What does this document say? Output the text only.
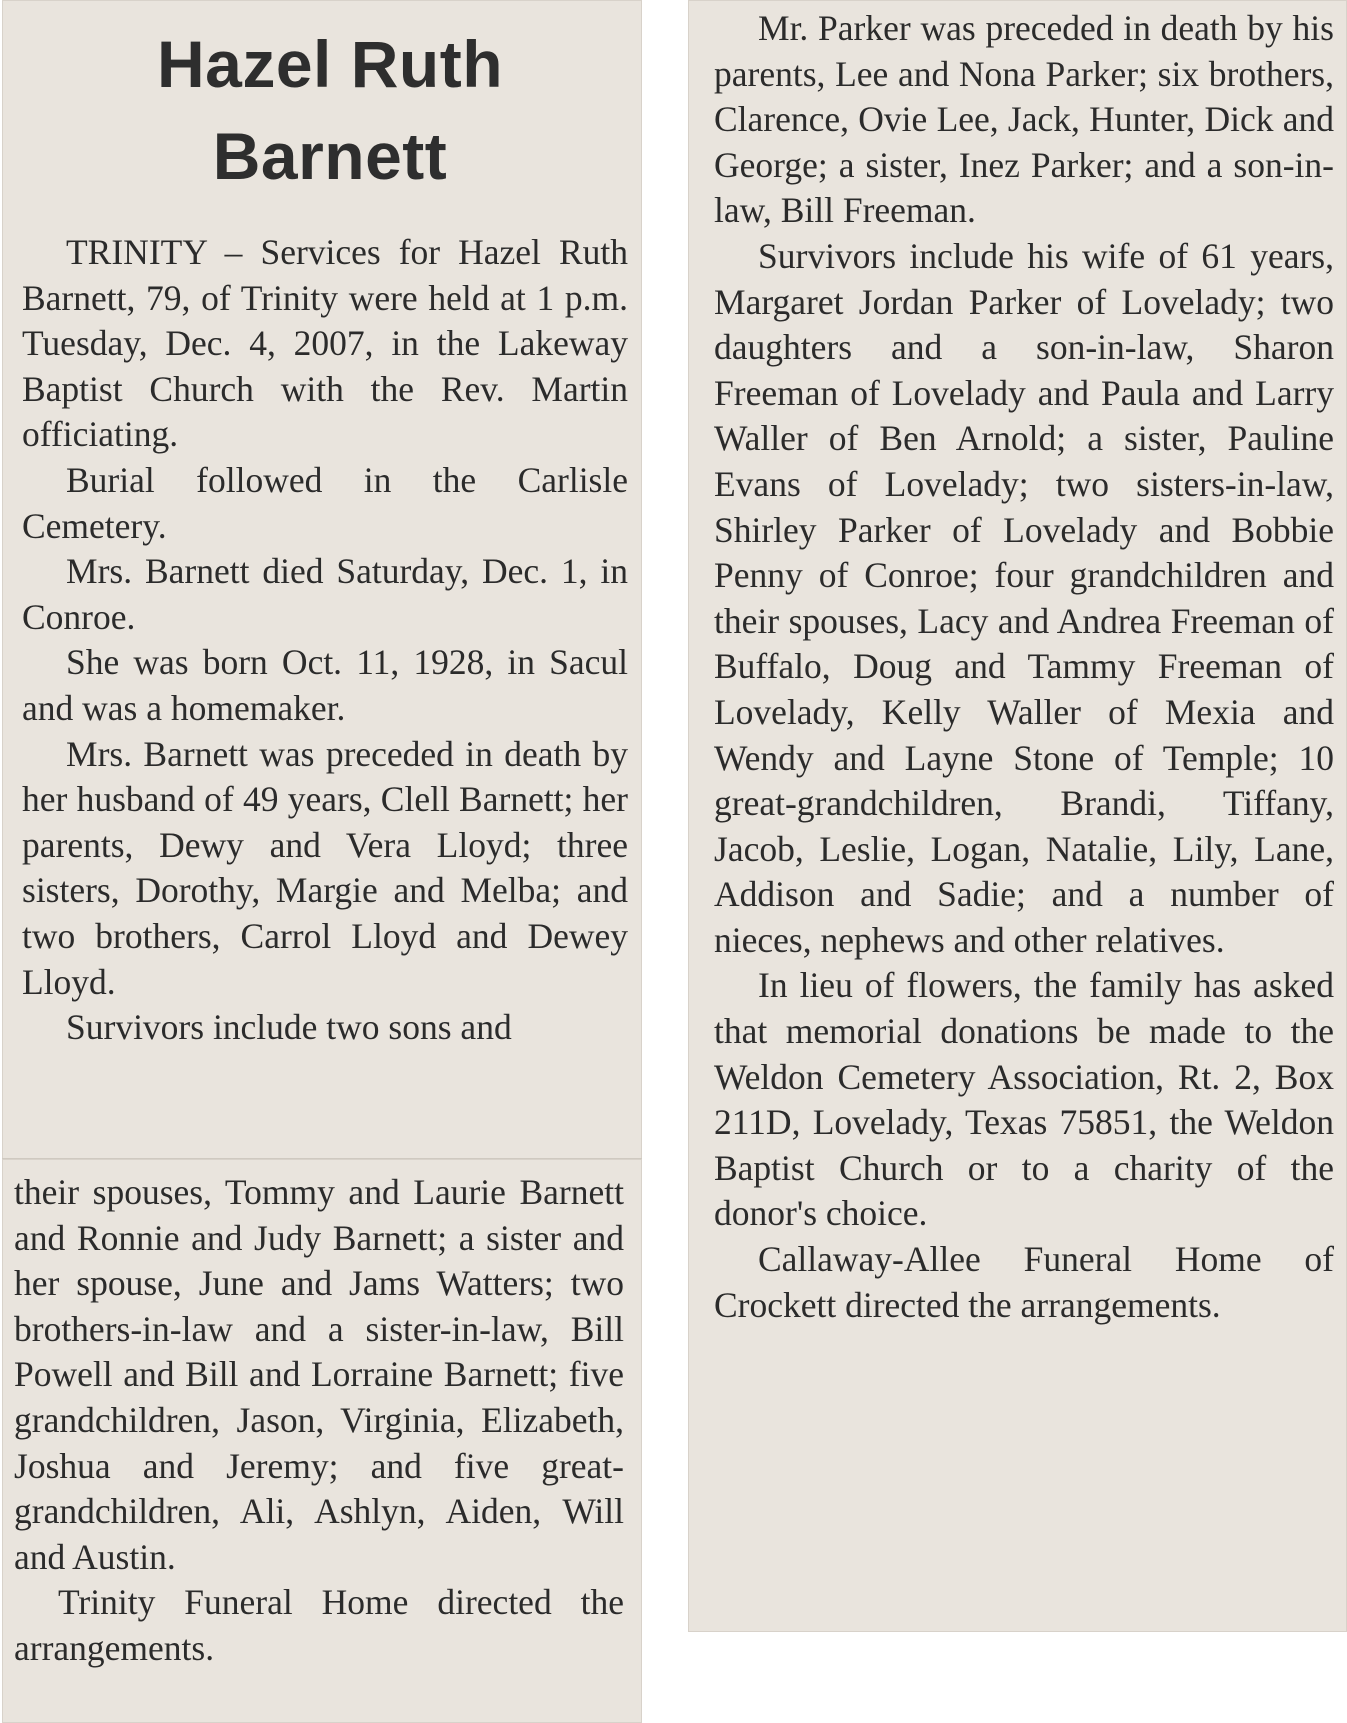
Hazel Ruth Barnett

TRINITY – Services for Hazel Ruth Barnett, 79, of Trinity were held at 1 p.m. Tuesday, Dec. 4, 2007, in the Lakeway Baptist Church with the Rev. Martin officiating.

Burial followed in the Carlisle Cemetery.

Mrs. Barnett died Saturday, Dec. 1, in Conroe.

She was born Oct. 11, 1928, in Sacul and was a homemaker.

Mrs. Barnett was preceded in death by her husband of 49 years, Clell Barnett; her parents, Dewy and Vera Lloyd; three sisters, Dorothy, Margie and Melba; and two brothers, Carrol Lloyd and Dewey Lloyd.

Survivors include two sons and

their spouses, Tommy and Laurie Barnett and Ronnie and Judy Barnett; a sister and her spouse, June and Jams Watters; two brothers-in-law and a sister-in-law, Bill Powell and Bill and Lorraine Barnett; five grandchildren, Jason, Virginia, Elizabeth, Joshua and Jeremy; and five great-grandchildren, Ali, Ashlyn, Aiden, Will and Austin.

Trinity Funeral Home directed the arrangements.

Mr. Parker was preceded in death by his parents, Lee and Nona Parker; six brothers, Clarence, Ovie Lee, Jack, Hunter, Dick and George; a sister, Inez Parker; and a son-in-law, Bill Freeman.

Survivors include his wife of 61 years, Margaret Jordan Parker of Lovelady; two daughters and a son-in-law, Sharon Freeman of Lovelady and Paula and Larry Waller of Ben Arnold; a sister, Pauline Evans of Lovelady; two sisters-in-law, Shirley Parker of Lovelady and Bobbie Penny of Conroe; four grandchildren and their spouses, Lacy and Andrea Freeman of Buffalo, Doug and Tammy Freeman of Lovelady, Kelly Waller of Mexia and Wendy and Layne Stone of Temple; 10 great-grandchildren, Brandi, Tiffany, Jacob, Leslie, Logan, Natalie, Lily, Lane, Addison and Sadie; and a number of nieces, nephews and other relatives.

In lieu of flowers, the family has asked that memorial donations be made to the Weldon Cemetery Association, Rt. 2, Box 211D, Lovelady, Texas 75851, the Weldon Baptist Church or to a charity of the donor's choice.

Callaway-Allee Funeral Home of Crockett directed the arrangements.
